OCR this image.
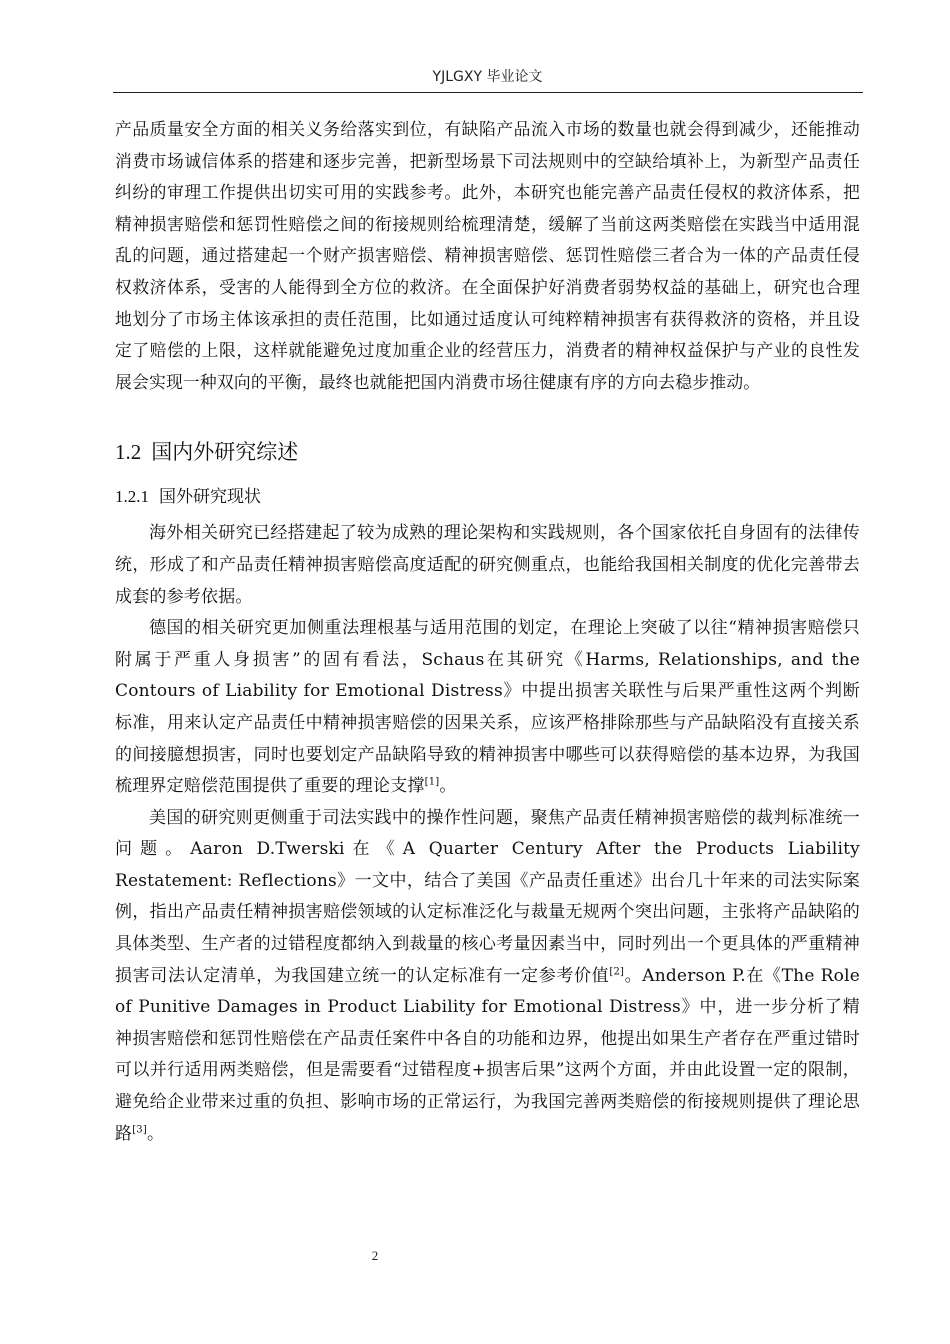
YJLGXY 毕业论文

产品质量安全方面的相关义务给落实到位，有缺陷产品流入市场的数量也就会得到减少，还能推动消费市场诚信体系的搭建和逐步完善，把新型场景下司法规则中的空缺给填补上，为新型产品责任纠纷的审理工作提供出切实可用的实践参考。此外，本研究也能完善产品责任侵权的救济体系，把精神损害赔偿和惩罚性赔偿之间的衔接规则给梳理清楚，缓解了当前这两类赔偿在实践当中适用混乱的问题，通过搭建起一个财产损害赔偿、精神损害赔偿、惩罚性赔偿三者合为一体的产品责任侵权救济体系，受害的人能得到全方位的救济。在全面保护好消费者弱势权益的基础上，研究也合理地划分了市场主体该承担的责任范围，比如通过适度认可纯粹精神损害有获得救济的资格，并且设定了赔偿的上限，这样就能避免过度加重企业的经营压力，消费者的精神权益保护与产业的良性发展会实现一种双向的平衡，最终也就能把国内消费市场往健康有序的方向去稳步推动。

1.2 国内外研究综述
1.2.1 国外研究现状

海外相关研究已经搭建起了较为成熟的理论架构和实践规则，各个国家依托自身固有的法律传统，形成了和产品责任精神损害赔偿高度适配的研究侧重点，也能给我国相关制度的优化完善带去成套的参考依据。

德国的相关研究更加侧重法理根基与适用范围的划定，在理论上突破了以往“精神损害赔偿只附属于严重人身损害”的固有看法，Schaus在其研究《Harms, Relationships, and the Contours of Liability for Emotional Distress》中提出损害关联性与后果严重性这两个判断标准，用来认定产品责任中精神损害赔偿的因果关系，应该严格排除那些与产品缺陷没有直接关系的间接臆想损害，同时也要划定产品缺陷导致的精神损害中哪些可以获得赔偿的基本边界，为我国梳理界定赔偿范围提供了重要的理论支撑[1]。

美国的研究则更侧重于司法实践中的操作性问题，聚焦产品责任精神损害赔偿的裁判标准统一问题。Aaron D.Twerski在《A Quarter Century After the Products Liability Restatement: Reflections》一文中，结合了美国《产品责任重述》出台几十年来的司法实际案例，指出产品责任精神损害赔偿领域的认定标准泛化与裁量无规两个突出问题，主张将产品缺陷的具体类型、生产者的过错程度都纳入到裁量的核心考量因素当中，同时列出一个更具体的严重精神损害司法认定清单，为我国建立统一的认定标准有一定参考价值[2]。Anderson P.在《The Role of Punitive Damages in Product Liability for Emotional Distress》中，进一步分析了精神损害赔偿和惩罚性赔偿在产品责任案件中各自的功能和边界，他提出如果生产者存在严重过错时可以并行适用两类赔偿，但是需要看“过错程度+损害后果”这两个方面，并由此设置一定的限制，避免给企业带来过重的负担、影响市场的正常运行，为我国完善两类赔偿的衔接规则提供了理论思路[3]。

2
